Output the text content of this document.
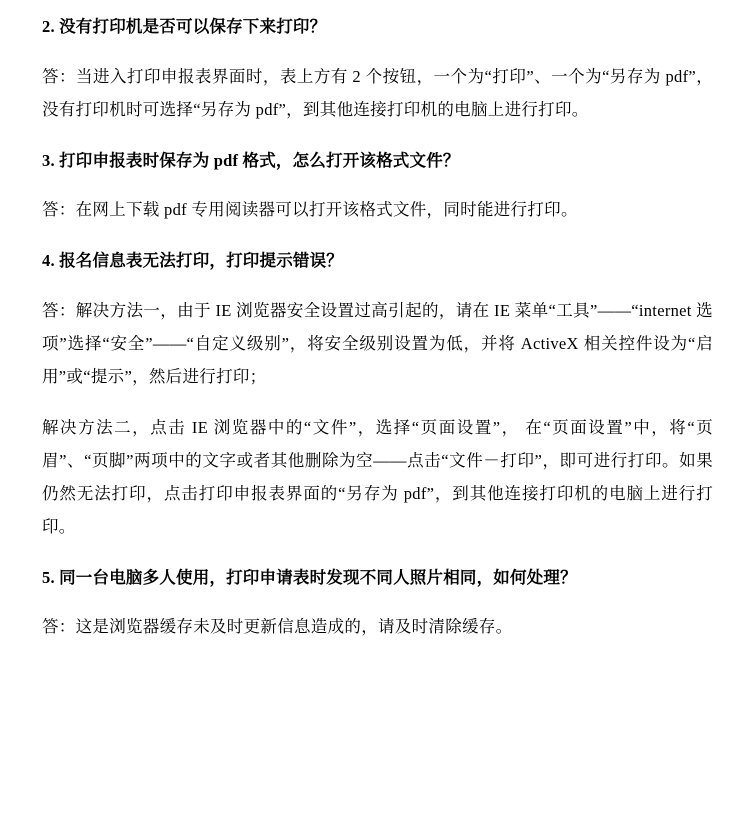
2. 没有打印机是否可以保存下来打印？

答：当进入打印申报表界面时，表上方有 2 个按钮，一个为“打印”、一个为“另存为 pdf”，没有打印机时可选择“另存为 pdf”，到其他连接打印机的电脑上进行打印。

3. 打印申报表时保存为 pdf 格式，怎么打开该格式文件？

答：在网上下载 pdf 专用阅读器可以打开该格式文件，同时能进行打印。

4. 报名信息表无法打印，打印提示错误？

答：解决方法一，由于 IE 浏览器安全设置过高引起的，请在 IE 菜单“工具”——“internet 选项”选择“安全”——“自定义级别”，将安全级别设置为低，并将 ActiveX 相关控件设为“启用”或“提示”，然后进行打印；

解决方法二，点击 IE 浏览器中的“文件”，选择“页面设置”， 在“页面设置”中，将“页眉”、“页脚”两项中的文字或者其他删除为空——点击“文件－打印”，即可进行打印。如果仍然无法打印，点击打印申报表界面的“另存为 pdf”，到其他连接打印机的电脑上进行打印。

5. 同一台电脑多人使用，打印申请表时发现不同人照片相同，如何处理？

答：这是浏览器缓存未及时更新信息造成的，请及时清除缓存。
